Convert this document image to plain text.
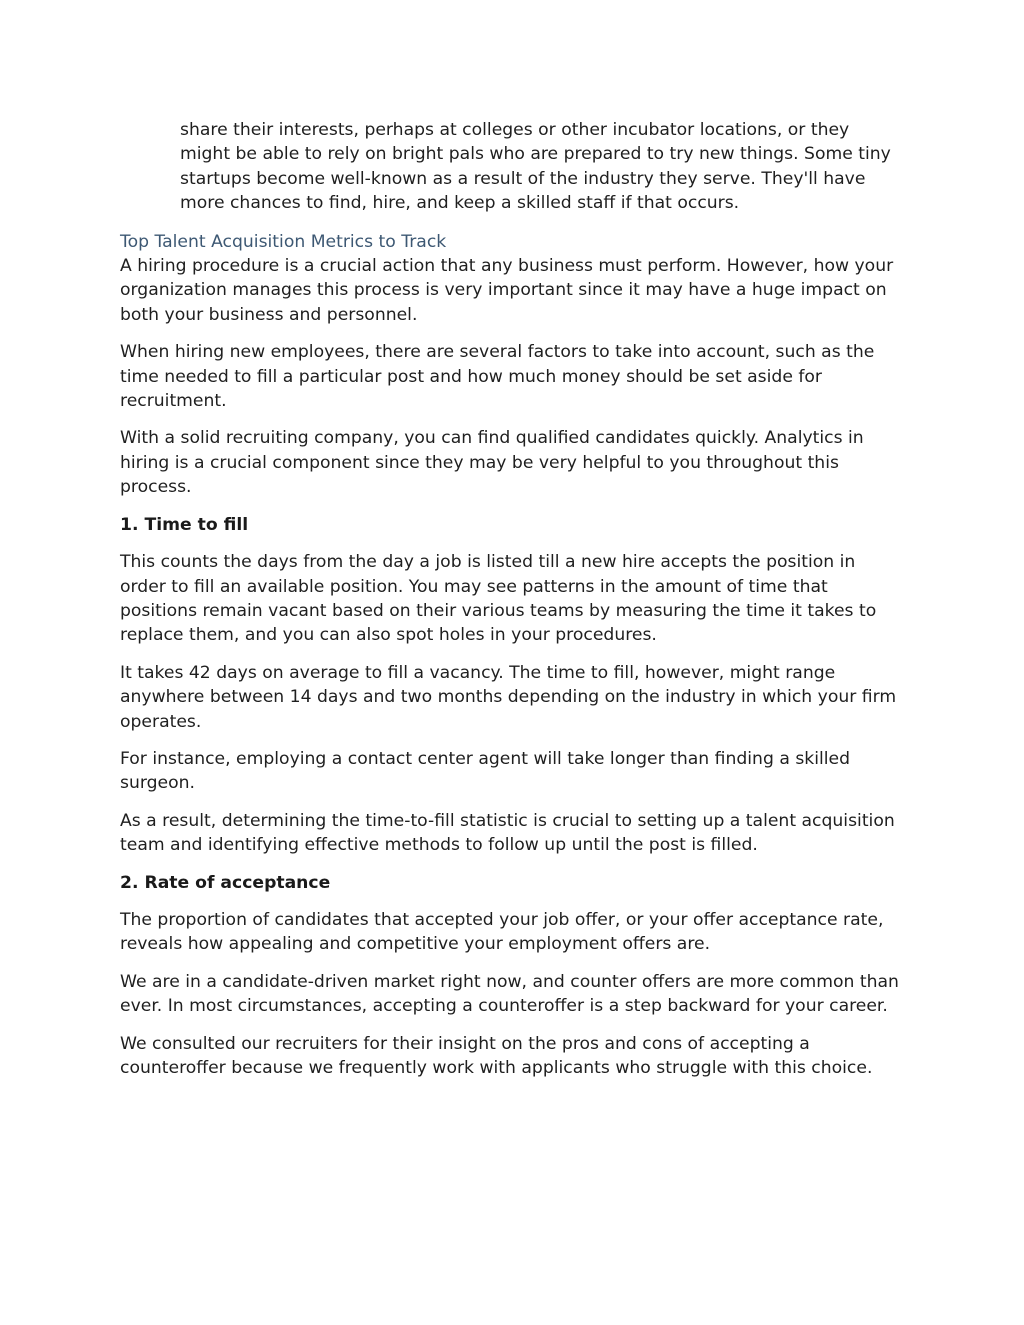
share their interests, perhaps at colleges or other incubator locations, or they might be able to rely on bright pals who are prepared to try new things. Some tiny startups become well-known as a result of the industry they serve. They'll have more chances to find, hire, and keep a skilled staff if that occurs.

Top Talent Acquisition Metrics to Track

A hiring procedure is a crucial action that any business must perform. However, how your organization manages this process is very important since it may have a huge impact on both your business and personnel.

When hiring new employees, there are several factors to take into account, such as the time needed to fill a particular post and how much money should be set aside for recruitment.

With a solid recruiting company, you can find qualified candidates quickly. Analytics in hiring is a crucial component since they may be very helpful to you throughout this process.

1. Time to fill

This counts the days from the day a job is listed till a new hire accepts the position in order to fill an available position. You may see patterns in the amount of time that positions remain vacant based on their various teams by measuring the time it takes to replace them, and you can also spot holes in your procedures.

It takes 42 days on average to fill a vacancy. The time to fill, however, might range anywhere between 14 days and two months depending on the industry in which your firm operates.

For instance, employing a contact center agent will take longer than finding a skilled surgeon.

As a result, determining the time-to-fill statistic is crucial to setting up a talent acquisition team and identifying effective methods to follow up until the post is filled.

2. Rate of acceptance

The proportion of candidates that accepted your job offer, or your offer acceptance rate, reveals how appealing and competitive your employment offers are.

We are in a candidate-driven market right now, and counter offers are more common than ever. In most circumstances, accepting a counteroffer is a step backward for your career.

We consulted our recruiters for their insight on the pros and cons of accepting a counteroffer because we frequently work with applicants who struggle with this choice.
